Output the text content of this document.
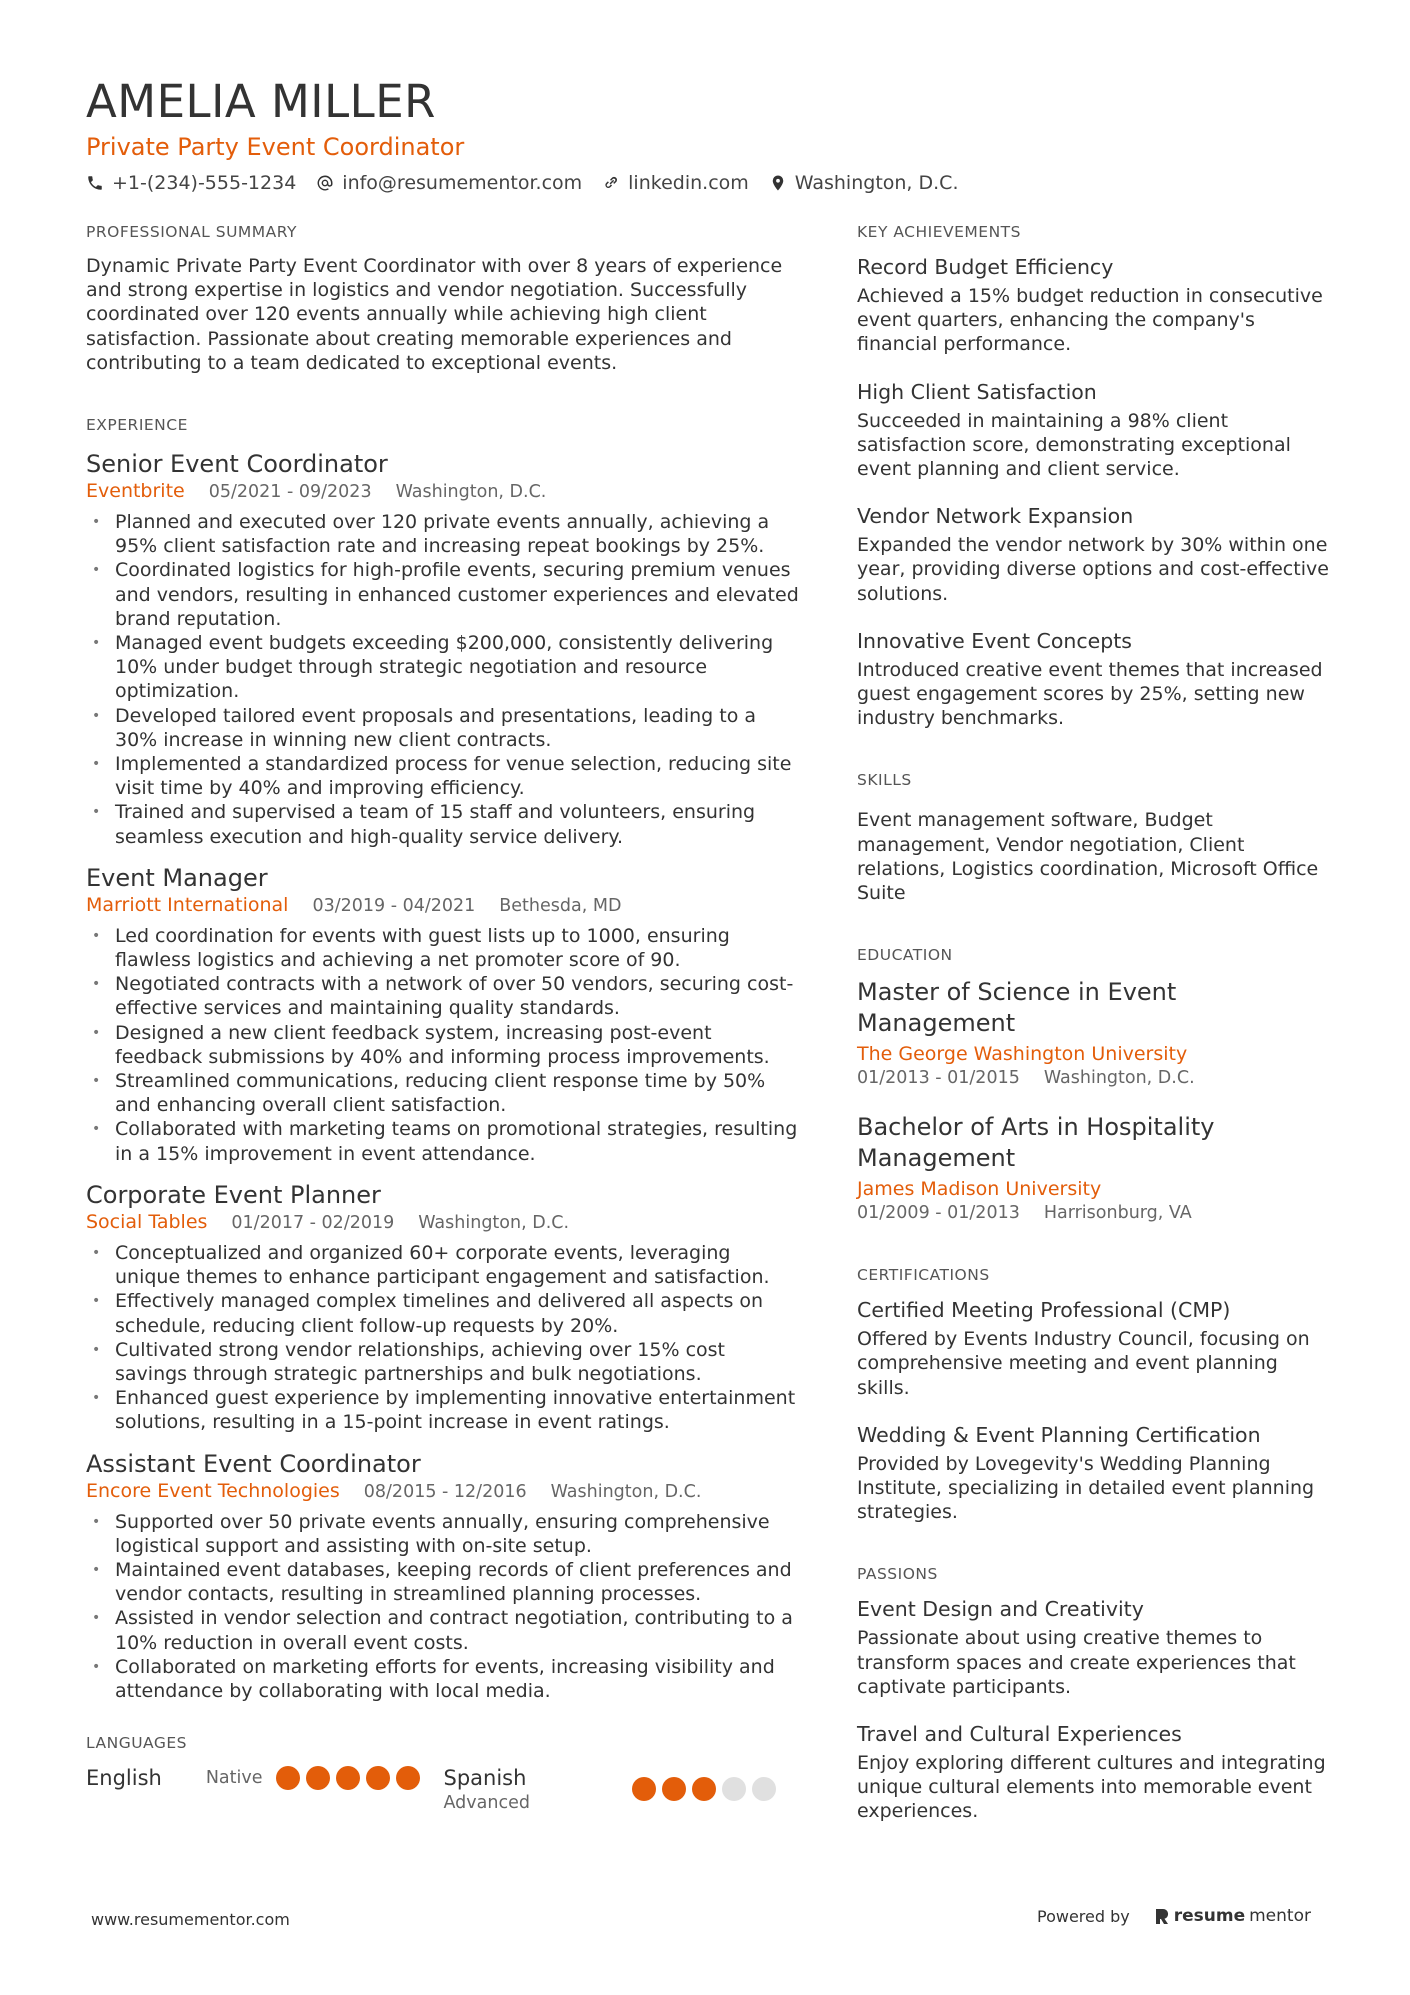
AMELIA MILLER
Private Party Event Coordinator
+1-(234)-555-1234 info@resumementor.com linkedin.com Washington, D.C.
PROFESSIONAL SUMMARY
Dynamic Private Party Event Coordinator with over 8 years of experience and strong expertise in logistics and vendor negotiation. Successfully coordinated over 120 events annually while achieving high client satisfaction. Passionate about creating memorable experiences and contributing to a team dedicated to exceptional events.
EXPERIENCE
Senior Event Coordinator
Eventbrite 05/2021 - 09/2023 Washington, D.C.
• Planned and executed over 120 private events annually, achieving a 95% client satisfaction rate and increasing repeat bookings by 25%.
• Coordinated logistics for high-profile events, securing premium venues and vendors, resulting in enhanced customer experiences and elevated brand reputation.
• Managed event budgets exceeding $200,000, consistently delivering 10% under budget through strategic negotiation and resource optimization.
• Developed tailored event proposals and presentations, leading to a 30% increase in winning new client contracts.
• Implemented a standardized process for venue selection, reducing site visit time by 40% and improving efficiency.
• Trained and supervised a team of 15 staff and volunteers, ensuring seamless execution and high-quality service delivery.
Event Manager
Marriott International 03/2019 - 04/2021 Bethesda, MD
• Led coordination for events with guest lists up to 1000, ensuring flawless logistics and achieving a net promoter score of 90.
• Negotiated contracts with a network of over 50 vendors, securing cost-effective services and maintaining quality standards.
• Designed a new client feedback system, increasing post-event feedback submissions by 40% and informing process improvements.
• Streamlined communications, reducing client response time by 50% and enhancing overall client satisfaction.
• Collaborated with marketing teams on promotional strategies, resulting in a 15% improvement in event attendance.
Corporate Event Planner
Social Tables 01/2017 - 02/2019 Washington, D.C.
• Conceptualized and organized 60+ corporate events, leveraging unique themes to enhance participant engagement and satisfaction.
• Effectively managed complex timelines and delivered all aspects on schedule, reducing client follow-up requests by 20%.
• Cultivated strong vendor relationships, achieving over 15% cost savings through strategic partnerships and bulk negotiations.
• Enhanced guest experience by implementing innovative entertainment solutions, resulting in a 15-point increase in event ratings.
Assistant Event Coordinator
Encore Event Technologies 08/2015 - 12/2016 Washington, D.C.
• Supported over 50 private events annually, ensuring comprehensive logistical support and assisting with on-site setup.
• Maintained event databases, keeping records of client preferences and vendor contacts, resulting in streamlined planning processes.
• Assisted in vendor selection and contract negotiation, contributing to a 10% reduction in overall event costs.
• Collaborated on marketing efforts for events, increasing visibility and attendance by collaborating with local media.
LANGUAGES
English	Native	Spanish
Advanced
KEY ACHIEVEMENTS
Record Budget Efficiency
Achieved a 15% budget reduction in consecutive event quarters, enhancing the company's financial performance.
High Client Satisfaction
Succeeded in maintaining a 98% client satisfaction score, demonstrating exceptional event planning and client service.
Vendor Network Expansion
Expanded the vendor network by 30% within one year, providing diverse options and cost-effective solutions.
Innovative Event Concepts
Introduced creative event themes that increased guest engagement scores by 25%, setting new industry benchmarks.
SKILLS
Event management software, Budget management, Vendor negotiation, Client relations, Logistics coordination, Microsoft Office Suite
EDUCATION
Master of Science in Event Management
The George Washington University
01/2013 - 01/2015 Washington, D.C.
Bachelor of Arts in Hospitality Management
James Madison University
01/2009 - 01/2013 Harrisonburg, VA
CERTIFICATIONS
Certified Meeting Professional (CMP)
Offered by Events Industry Council, focusing on comprehensive meeting and event planning skills.
Wedding & Event Planning Certification
Provided by Lovegevity's Wedding Planning Institute, specializing in detailed event planning strategies.
PASSIONS
Event Design and Creativity
Passionate about using creative themes to transform spaces and create experiences that captivate participants.
Travel and Cultural Experiences
Enjoy exploring different cultures and integrating unique cultural elements into memorable event experiences.
www.resumementor.com	Powered by	resume mentor
